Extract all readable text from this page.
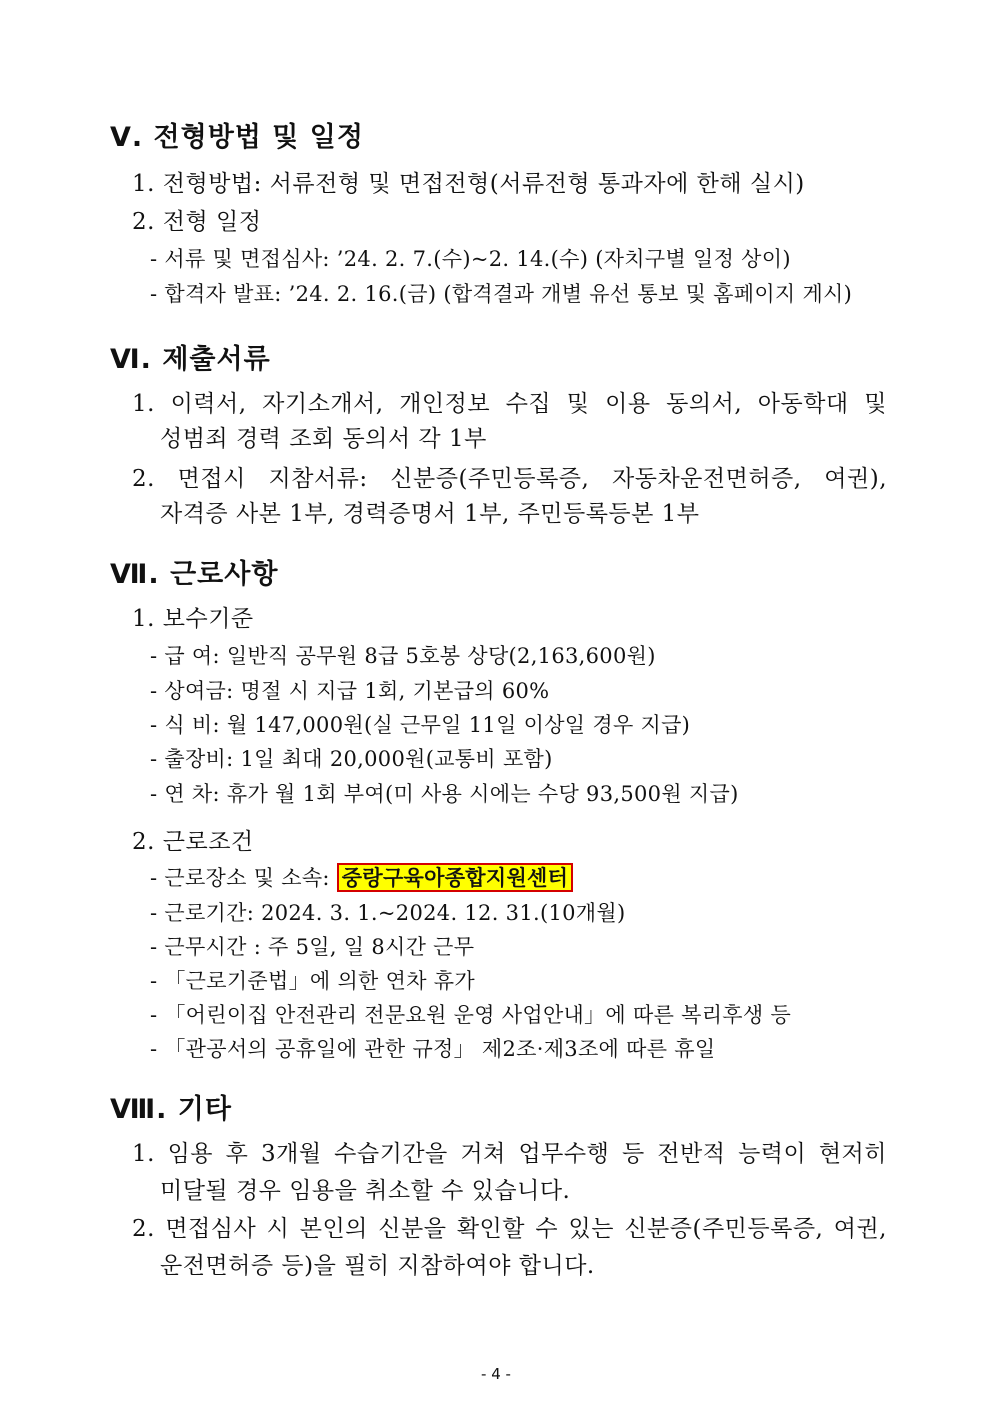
Ⅴ. 전형방법 및 일정
1. 전형방법: 서류전형 및 면접전형(서류전형 통과자에 한해 실시)
2. 전형 일정
- 서류 및 면접심사: ’24. 2. 7.(수)~2. 14.(수) (자치구별 일정 상이)
- 합격자 발표: ’24. 2. 16.(금) (합격결과 개별 유선 통보 및 홈페이지 게시)
Ⅵ. 제출서류
1. 이력서, 자기소개서, 개인정보 수집 및 이용 동의서, 아동학대 및
성범죄 경력 조회 동의서 각 1부
2. 면접시 지참서류: 신분증(주민등록증, 자동차운전면허증, 여권),
자격증 사본 1부, 경력증명서 1부, 주민등록등본 1부
Ⅶ. 근로사항
1. 보수기준
- 급 여: 일반직 공무원 8급 5호봉 상당(2,163,600원)
- 상여금: 명절 시 지급 1회, 기본급의 60%
- 식 비: 월 147,000원(실 근무일 11일 이상일 경우 지급)
- 출장비: 1일 최대 20,000원(교통비 포함)
- 연 차: 휴가 월 1회 부여(미 사용 시에는 수당 93,500원 지급)
2. 근로조건
- 근로장소 및 소속: 중랑구육아종합지원센터
- 근로기간: 2024. 3. 1.~2024. 12. 31.(10개월)
- 근무시간 : 주 5일, 일 8시간 근무
- 「근로기준법」에 의한 연차 휴가
- 「어린이집 안전관리 전문요원 운영 사업안내」에 따른 복리후생 등
- 「관공서의 공휴일에 관한 규정」 제2조·제3조에 따른 휴일
Ⅷ. 기타
1. 임용 후 3개월 수습기간을 거쳐 업무수행 등 전반적 능력이 현저히
미달될 경우 임용을 취소할 수 있습니다.
2. 면접심사 시 본인의 신분을 확인할 수 있는 신분증(주민등록증, 여권,
운전면허증 등)을 필히 지참하여야 합니다.
- 4 -
